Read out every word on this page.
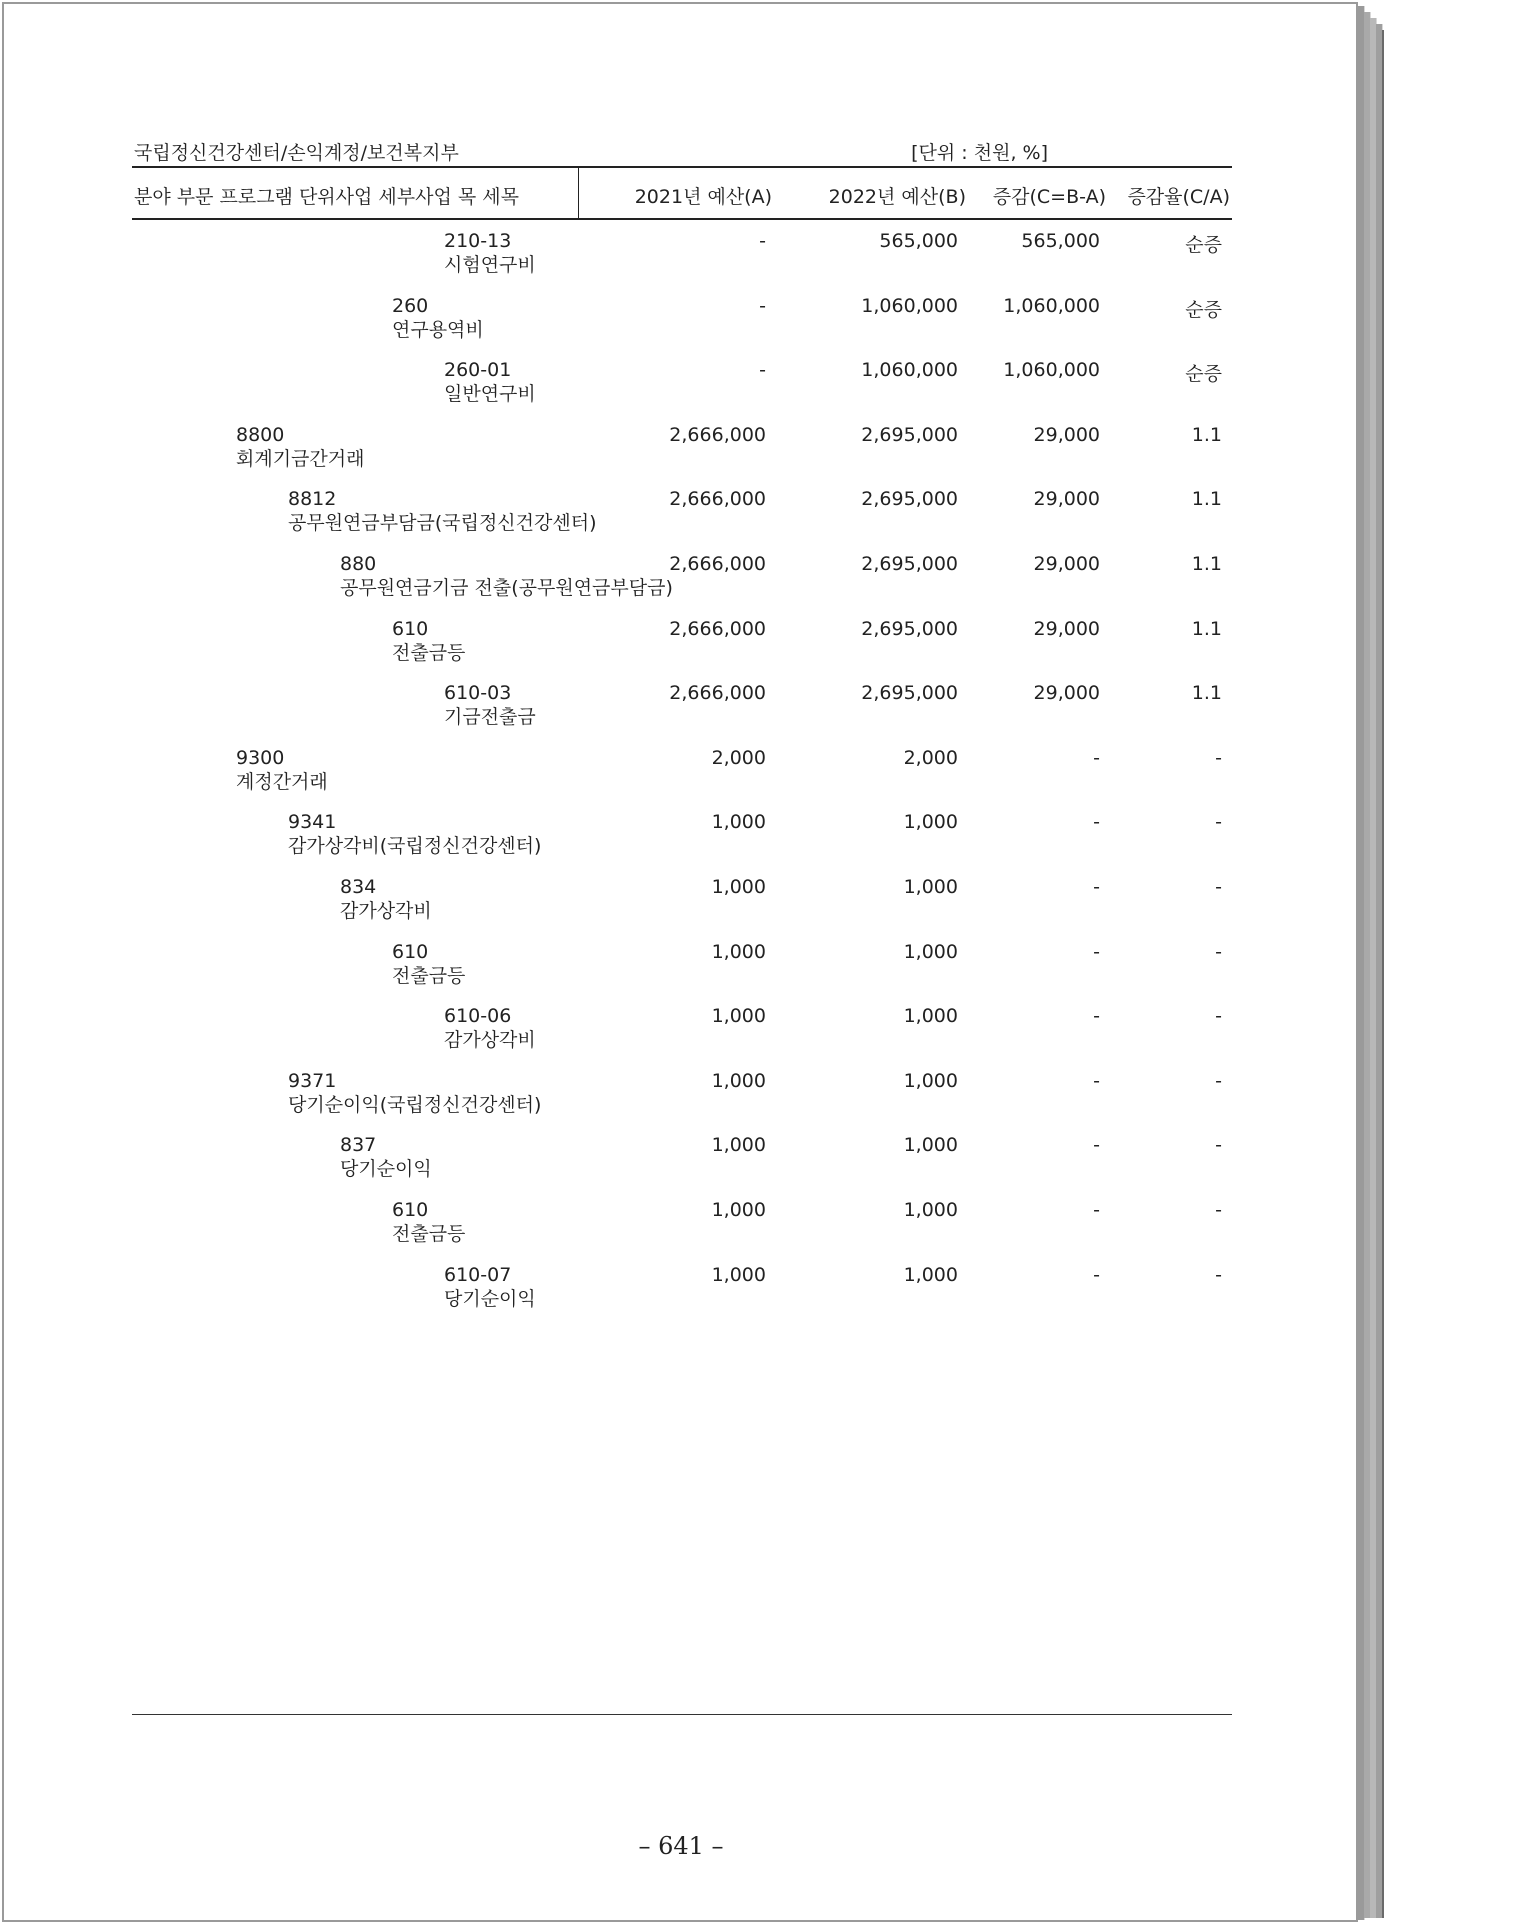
국립정신건강센터/손익계정/보건복지부	[단위 : 천원, %]
분야 부문 프로그램 단위사업 세부사업 목 세목	2021년 예산(A)	2022년 예산(B) 증감(C=B-A)	증감율(C/A)
210-13
시험연구비
-	565,000	565,000	순증
260
연구용역비
-	1,060,000	1,060,000	순증
260-01
일반연구비
-	1,060,000	1,060,000	순증
8800
회계기금간거래
2,666,000	2,695,000	29,000	1.1
8812
공무원연금부담금(국립정신건강센터)
2,666,000	2,695,000	29,000	1.1
880
공무원연금기금 전출(공무원연금부담금)
2,666,000	2,695,000	29,000	1.1
610
전출금등
2,666,000	2,695,000	29,000	1.1
610-03
기금전출금
2,666,000	2,695,000	29,000	1.1
9300
계정간거래
2,000	2,000	-	-
9341
감가상각비(국립정신건강센터)
1,000	1,000	-	-
834
감가상각비
1,000	1,000	-	-
610
전출금등
1,000	1,000	-	-
610-06
감가상각비
1,000	1,000	-	-
9371
당기순이익(국립정신건강센터)
1,000	1,000	-	-
837
당기순이익
1,000	1,000	-	-
610
전출금등
1,000	1,000	-	-
610-07
당기순이익
1,000	1,000	-	-
– 641 –
